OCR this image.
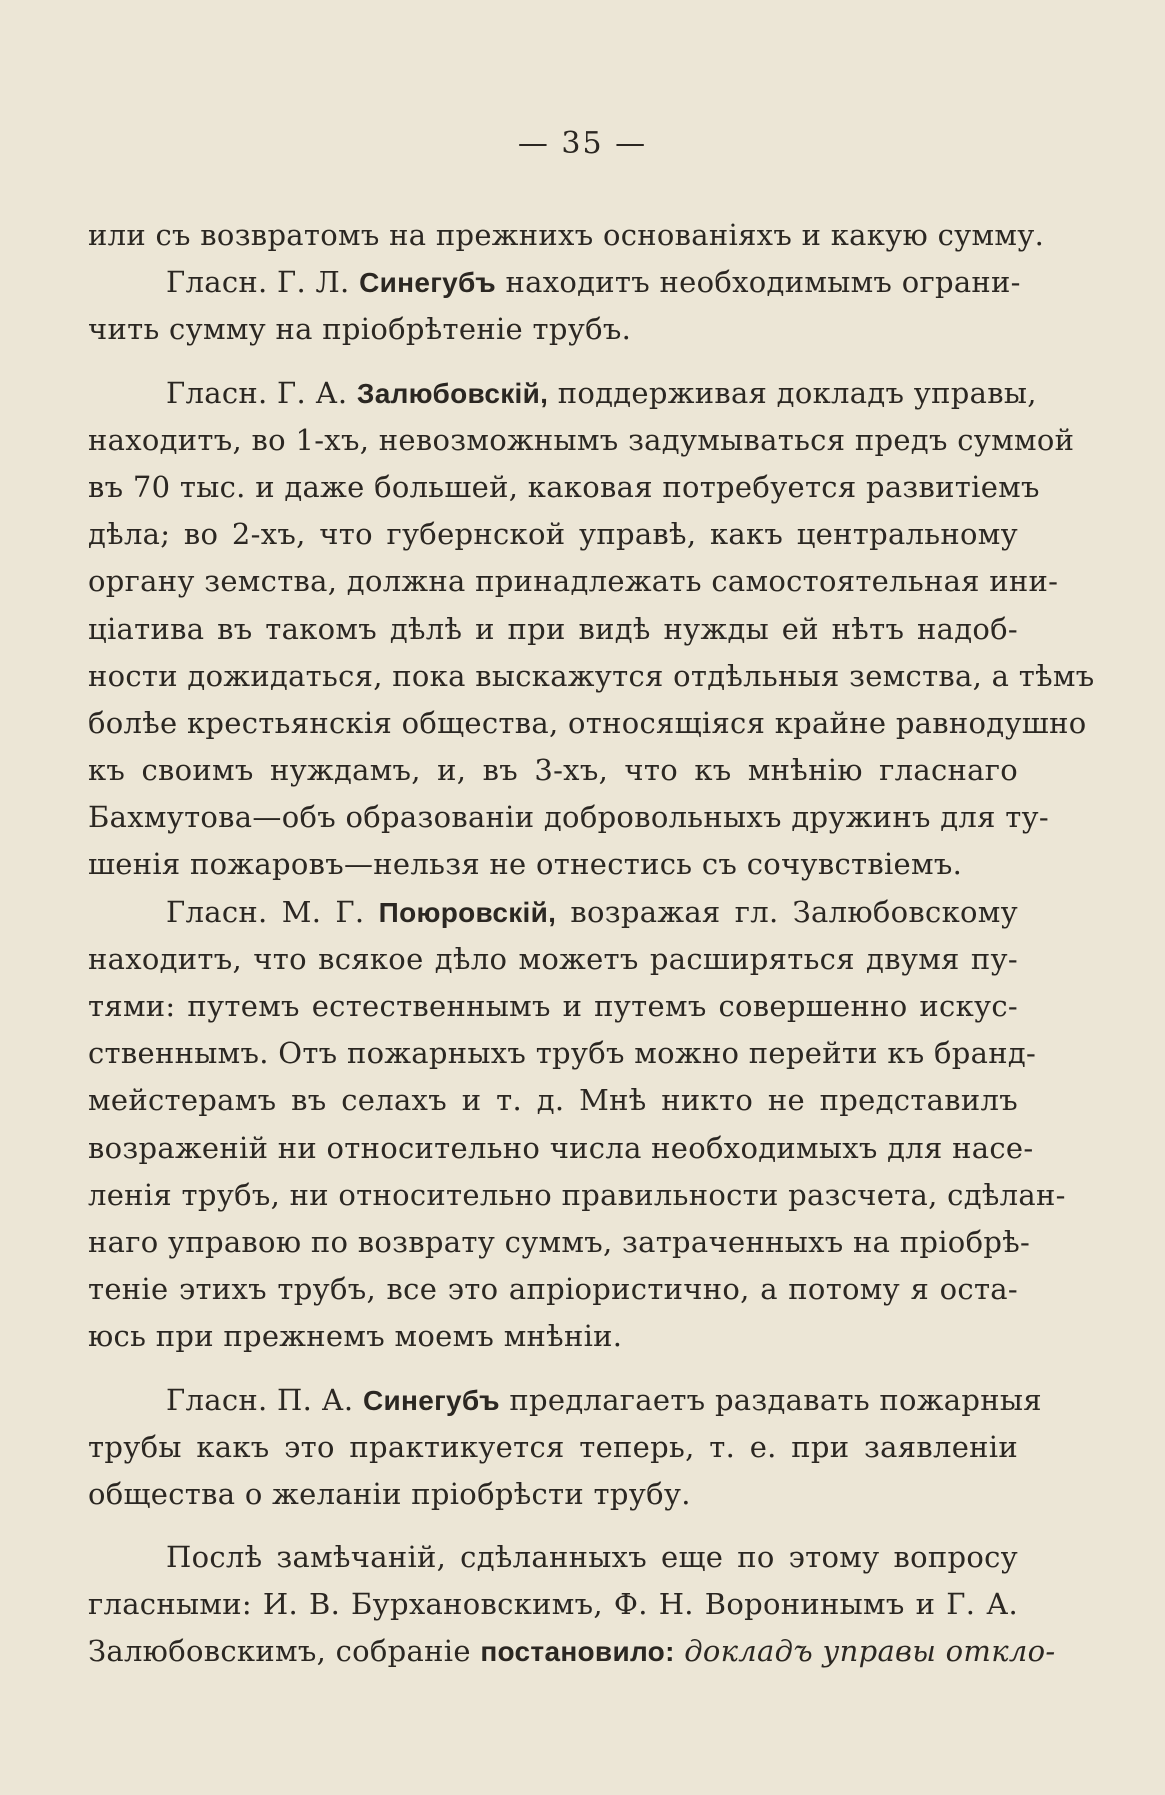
— 35 —
или съ возвратомъ на прежнихъ основаніяхъ и какую сумму.
Гласн. Г. Л. Синегубъ находитъ необходимымъ ограни-
чить сумму на пріобрѣтеніе трубъ.
Гласн. Г. А. Залюбовскій, поддерживая докладъ управы,
находитъ, во 1-хъ, невозможнымъ задумываться предъ суммой
въ 70 тыс. и даже большей, каковая потребуется развитіемъ
дѣла; во 2-хъ, что губернской управѣ, какъ центральному
органу земства, должна принадлежать самостоятельная ини-
ціатива въ такомъ дѣлѣ и при видѣ нужды ей нѣтъ надоб-
ности дожидаться, пока выскажутся отдѣльныя земства, а тѣмъ
болѣе крестьянскія общества, относящіяся крайне равнодушно
къ своимъ нуждамъ, и, въ 3-хъ, что къ мнѣнію гласнаго
Бахмутова—объ образованіи добровольныхъ дружинъ для ту-
шенія пожаровъ—нельзя не отнестись съ сочувствіемъ.
Гласн. М. Г. Поюровскій, возражая гл. Залюбовскому
находитъ, что всякое дѣло можетъ расширяться двумя пу-
тями: путемъ естественнымъ и путемъ совершенно искус-
ственнымъ. Отъ пожарныхъ трубъ можно перейти къ бранд-
мейстерамъ въ селахъ и т. д. Мнѣ никто не представилъ
возраженій ни относительно числа необходимыхъ для насе-
ленія трубъ, ни относительно правильности разсчета, сдѣлан-
наго управою по возврату суммъ, затраченныхъ на пріобрѣ-
теніе этихъ трубъ, все это апріористично, а потому я оста-
юсь при прежнемъ моемъ мнѣніи.
Гласн. П. А. Синегубъ предлагаетъ раздавать пожарныя
трубы какъ это практикуется теперь, т. е. при заявленіи
общества о желаніи пріобрѣсти трубу.
Послѣ замѣчаній, сдѣланныхъ еще по этому вопросу
гласными: И. В. Бурхановскимъ, Ф. Н. Воронинымъ и Г. А.
Залюбовскимъ, собраніе постановило: докладъ управы откло-
